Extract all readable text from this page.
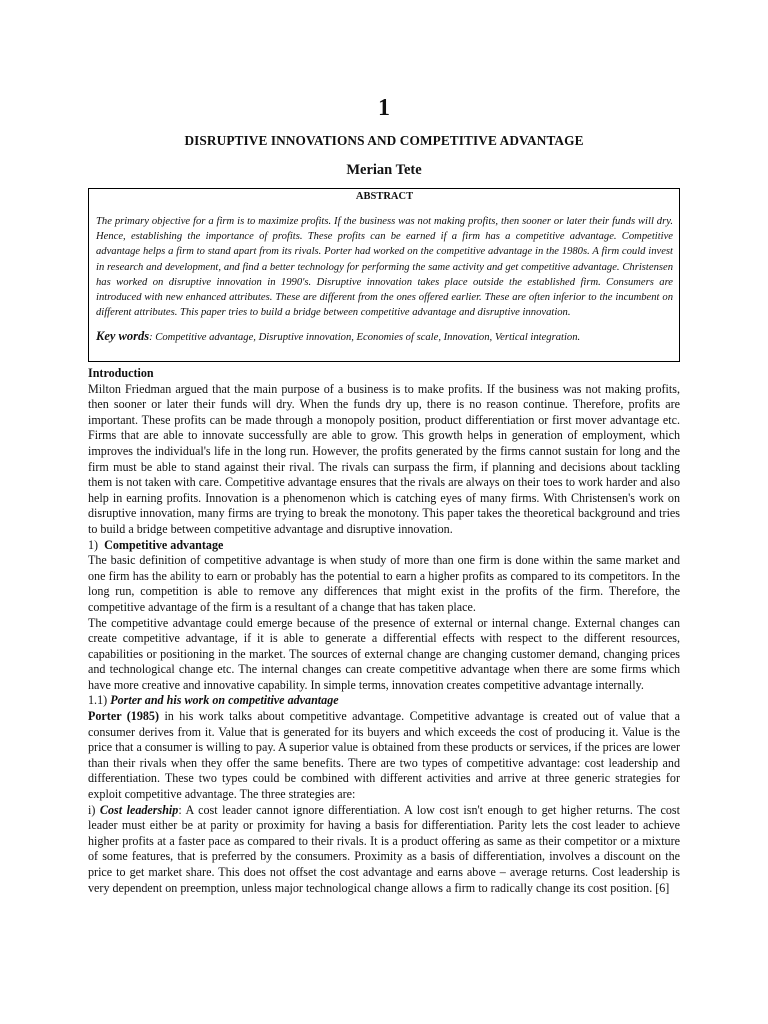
1
DISRUPTIVE INNOVATIONS AND COMPETITIVE ADVANTAGE
Merian Tete
ABSTRACT

The primary objective for a firm is to maximize profits. If the business was not making profits, then sooner or later their funds will dry. Hence, establishing the importance of profits. These profits can be earned if a firm has a competitive advantage. Competitive advantage helps a firm to stand apart from its rivals. Porter had worked on the competitive advantage in the 1980s. A firm could invest in research and development, and find a better technology for performing the same activity and get competitive advantage. Christensen has worked on disruptive innovation in 1990's. Disruptive innovation takes place outside the established firm. Consumers are introduced with new enhanced attributes. These are different from the ones offered earlier. These are often inferior to the incumbent on different attributes. This paper tries to build a bridge between competitive advantage and disruptive innovation.

Key words: Competitive advantage, Disruptive innovation, Economies of scale, Innovation, Vertical integration.

Introduction

Milton Friedman argued that the main purpose of a business is to make profits. If the business was not making profits, then sooner or later their funds will dry. When the funds dry up, there is no reason continue. Therefore, profits are important. These profits can be made through a monopoly position, product differentiation or first mover advantage etc. Firms that are able to innovate successfully are able to grow. This growth helps in generation of employment, which improves the individual's life in the long run. However, the profits generated by the firms cannot sustain for long and the firm must be able to stand against their rival. The rivals can surpass the firm, if planning and decisions about tackling them is not taken with care. Competitive advantage ensures that the rivals are always on their toes to work harder and also help in earning profits. Innovation is a phenomenon which is catching eyes of many firms. With Christensen's work on disruptive innovation, many firms are trying to break the monotony. This paper takes the theoretical background and tries to build a bridge between competitive advantage and disruptive innovation.

1) Competitive advantage

The basic definition of competitive advantage is when study of more than one firm is done within the same market and one firm has the ability to earn or probably has the potential to earn a higher profits as compared to its competitors. In the long run, competition is able to remove any differences that might exist in the profits of the firm. Therefore, the competitive advantage of the firm is a resultant of a change that has taken place.

The competitive advantage could emerge because of the presence of external or internal change. External changes can create competitive advantage, if it is able to generate a differential effects with respect to the different resources, capabilities or positioning in the market. The sources of external change are changing customer demand, changing prices and technological change etc. The internal changes can create competitive advantage when there are some firms which have more creative and innovative capability. In simple terms, innovation creates competitive advantage internally.

1.1) Porter and his work on competitive advantage

Porter (1985) in his work talks about competitive advantage. Competitive advantage is created out of value that a consumer derives from it. Value that is generated for its buyers and which exceeds the cost of producing it. Value is the price that a consumer is willing to pay. A superior value is obtained from these products or services, if the prices are lower than their rivals when they offer the same benefits. There are two types of competitive advantage: cost leadership and differentiation. These two types could be combined with different activities and arrive at three generic strategies for exploit competitive advantage. The three strategies are:

i) Cost leadership: A cost leader cannot ignore differentiation. A low cost isn't enough to get higher returns. The cost leader must either be at parity or proximity for having a basis for differentiation. Parity lets the cost leader to achieve higher profits at a faster pace as compared to their rivals. It is a product offering as same as their competitor or a mixture of some features, that is preferred by the consumers. Proximity as a basis of differentiation, involves a discount on the price to get market share. This does not offset the cost advantage and earns above – average returns. Cost leadership is very dependent on preemption, unless major technological change allows a firm to radically change its cost position. [6]
